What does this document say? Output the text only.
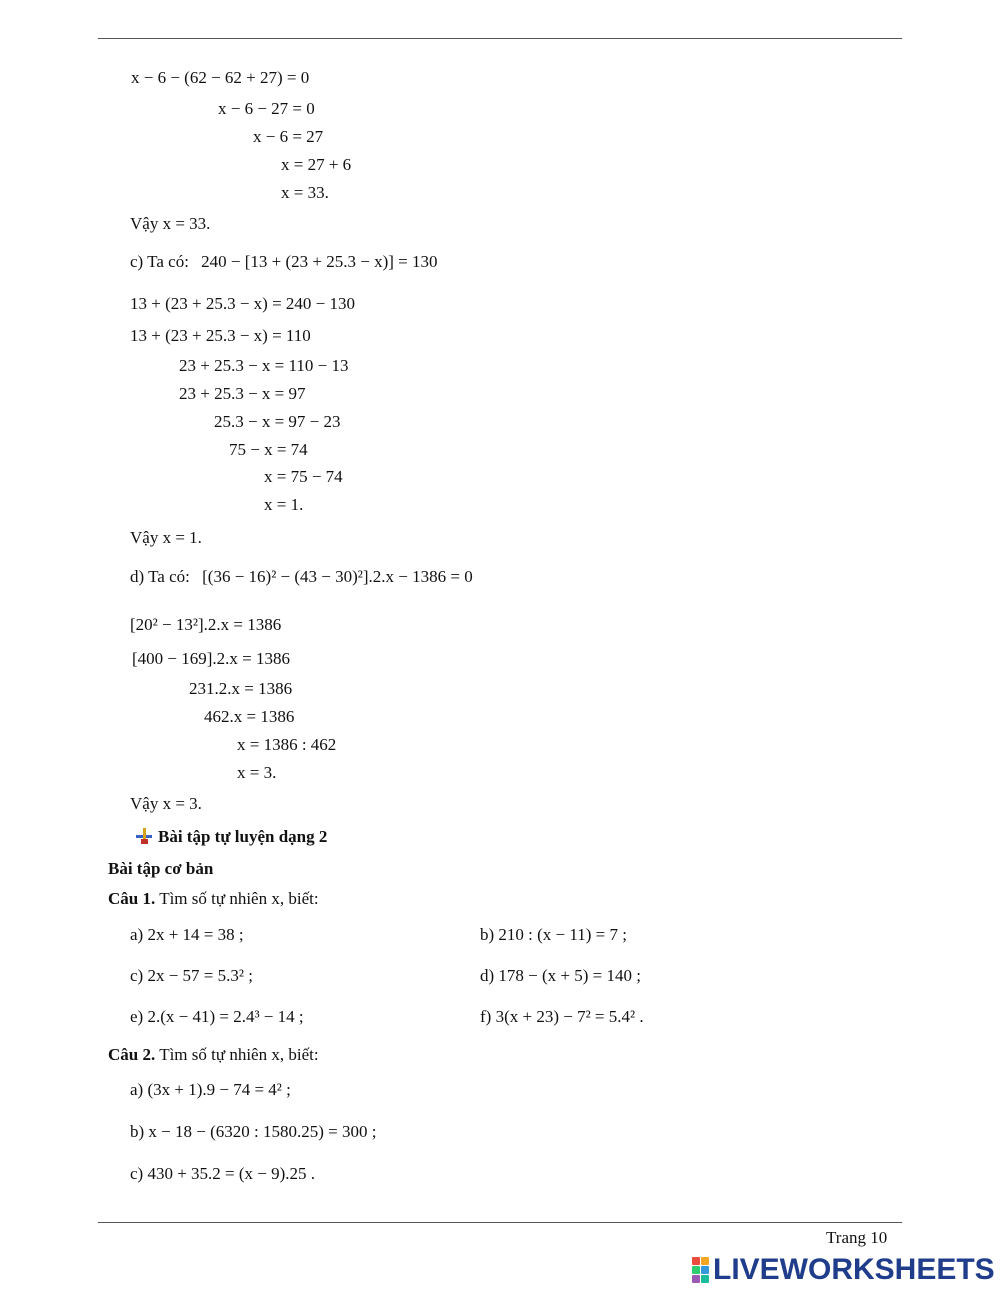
x − 6 − (62 − 62 + 27) = 0
x − 6 − 27 = 0
x − 6 = 27
x = 27 + 6
x = 33.
Vậy x = 33.
c) Ta có: 240 − [13 + (23 + 25.3 − x)] = 130
13 + (23 + 25.3 − x) = 240 − 130
13 + (23 + 25.3 − x) = 110
23 + 25.3 − x = 110 − 13
23 + 25.3 − x = 97
25.3 − x = 97 − 23
75 − x = 74
x = 75 − 74
x = 1.
Vậy x = 1.
d) Ta có: [(36 − 16)² − (43 − 30)²].2.x − 1386 = 0
[20² − 13²].2.x = 1386
[400 − 169].2.x = 1386
231.2.x = 1386
462.x = 1386
x = 1386 : 462
x = 3.
Vậy x = 3.
Bài tập tự luyện dạng 2
Bài tập cơ bản
Câu 1. Tìm số tự nhiên x, biết:
a) 2x + 14 = 38 ;	b) 210 : (x − 11) = 7 ;
c) 2x − 57 = 5.3² ;	d) 178 − (x + 5) = 140 ;
e) 2.(x − 41) = 2.4³ − 14 ;	f) 3(x + 23) − 7² = 5.4² .
Câu 2. Tìm số tự nhiên x, biết:
a) (3x + 1).9 − 74 = 4² ;
b) x − 18 − (6320 : 1580.25) = 300 ;
c) 430 + 35.2 = (x − 9).25 .
Trang 10
LIVEWORKSHEETS
